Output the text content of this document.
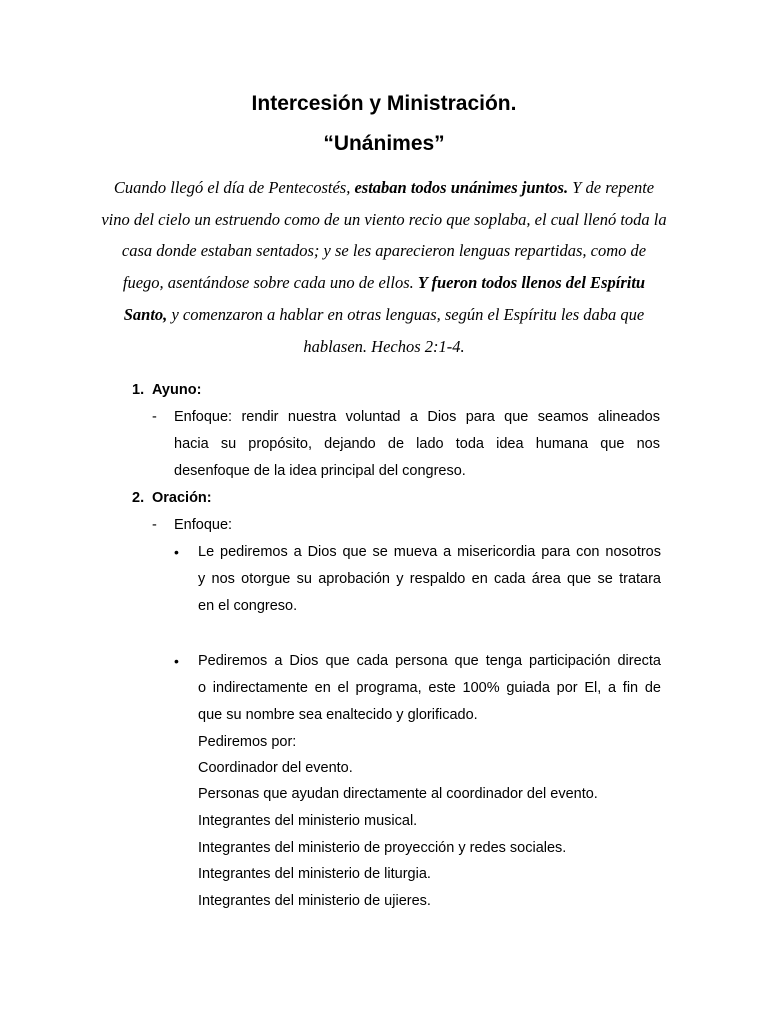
Intercesión y Ministración.
“Unánimes”
Cuando llegó el día de Pentecostés, estaban todos unánimes juntos. Y de repente vino del cielo un estruendo como de un viento recio que soplaba, el cual llenó toda la casa donde estaban sentados; y se les aparecieron lenguas repartidas, como de fuego, asentándose sobre cada uno de ellos. Y fueron todos llenos del Espíritu Santo, y comenzaron a hablar en otras lenguas, según el Espíritu les daba que hablasen. Hechos 2:1-4.
1. Ayuno:
- Enfoque: rendir nuestra voluntad a Dios para que seamos alineados
hacia su propósito, dejando de lado toda idea humana que nos
desenfoque de la idea principal del congreso.
2. Oración:
- Enfoque:
• Le pediremos a Dios que se mueva a misericordia para con nosotros
y nos otorgue su aprobación y respaldo en cada área que se tratara
en el congreso.
• Pediremos a Dios que cada persona que tenga participación directa
o indirectamente en el programa, este 100% guiada por El, a fin de
que su nombre sea enaltecido y glorificado.
Pediremos por:
Coordinador del evento.
Personas que ayudan directamente al coordinador del evento.
Integrantes del ministerio musical.
Integrantes del ministerio de proyección y redes sociales.
Integrantes del ministerio de liturgia.
Integrantes del ministerio de ujieres.
